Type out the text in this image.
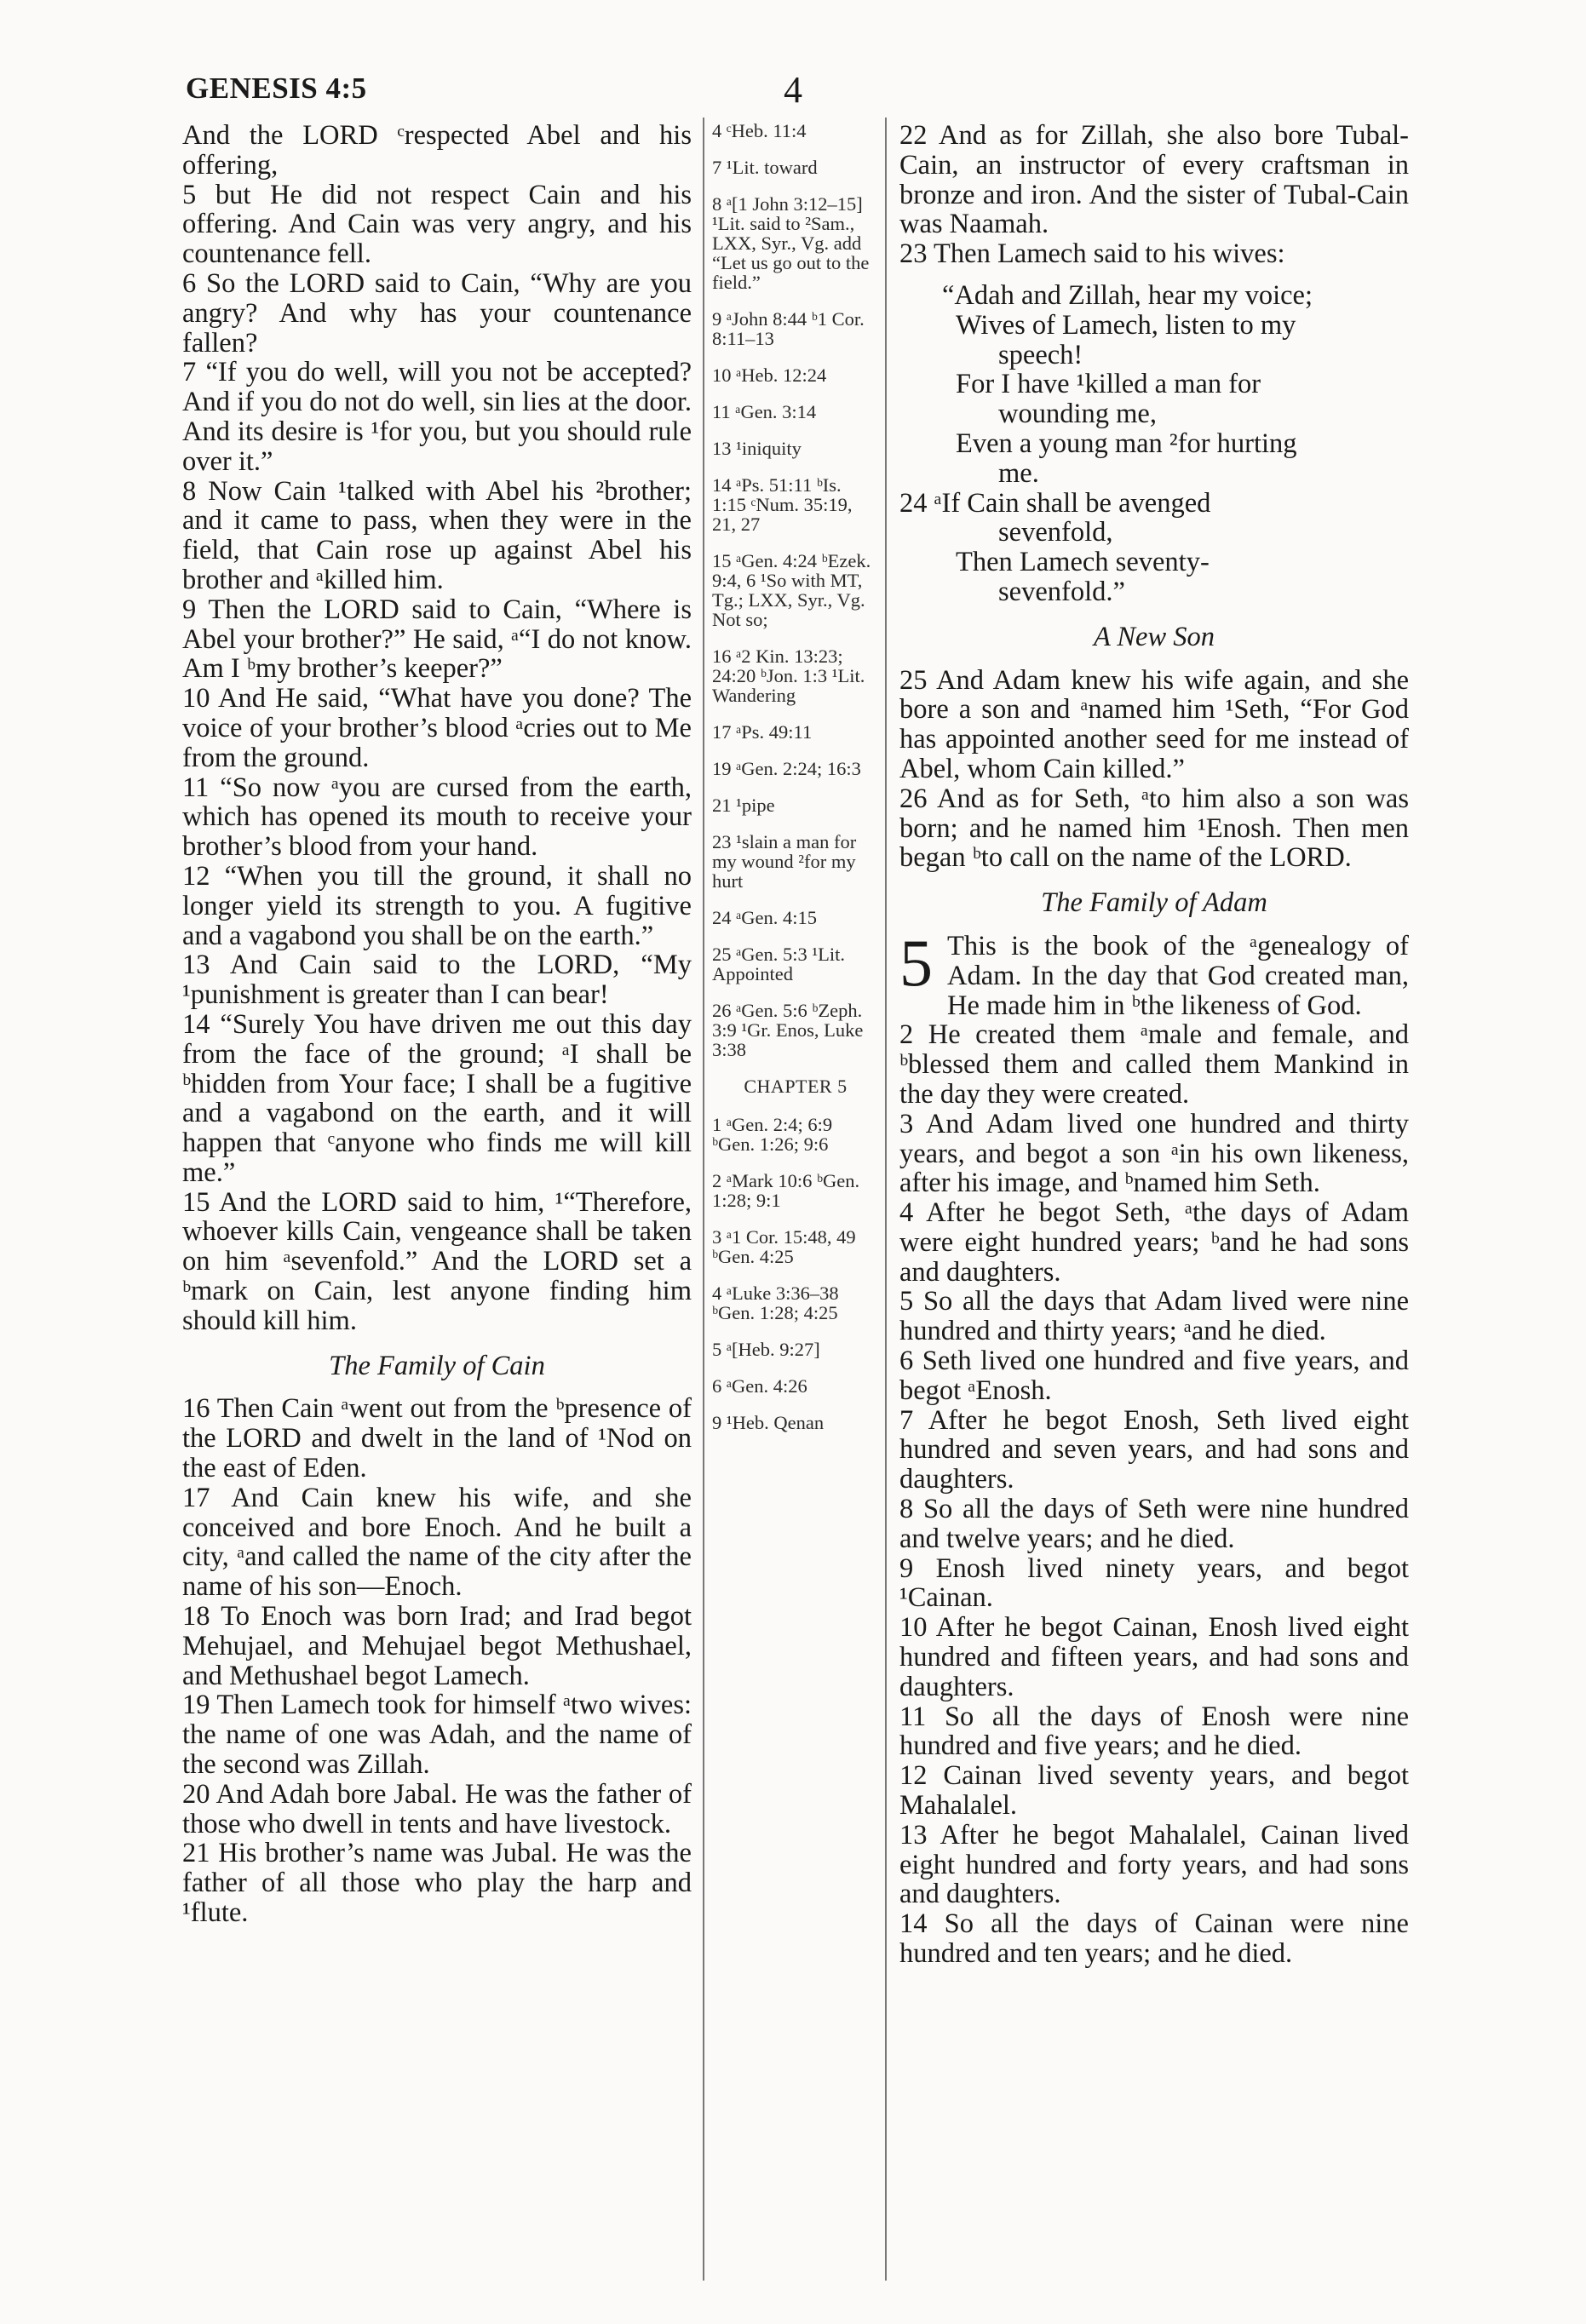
GENESIS 4:5	4

And the LORD ᶜrespected Abel and his offering,

5 but He did not respect Cain and his offering. And Cain was very angry, and his countenance fell.

6 So the LORD said to Cain, “Why are you angry? And why has your countenance fallen?

7 “If you do well, will you not be accepted? And if you do not do well, sin lies at the door. And its desire is ¹for you, but you should rule over it.”

8 Now Cain ¹talked with Abel his ²brother; and it came to pass, when they were in the field, that Cain rose up against Abel his brother and ᵃkilled him.

9 Then the LORD said to Cain, “Where is Abel your brother?” He said, ᵃ“I do not know. Am I ᵇmy brother’s keeper?”

10 And He said, “What have you done? The voice of your brother’s blood ᵃcries out to Me from the ground.

11 “So now ᵃyou are cursed from the earth, which has opened its mouth to receive your brother’s blood from your hand.

12 “When you till the ground, it shall no longer yield its strength to you. A fugitive and a vagabond you shall be on the earth.”

13 And Cain said to the LORD, “My ¹punishment is greater than I can bear!

14 “Surely You have driven me out this day from the face of the ground; ᵃI shall be ᵇhidden from Your face; I shall be a fugitive and a vagabond on the earth, and it will happen that ᶜanyone who finds me will kill me.”

15 And the LORD said to him, ¹“Therefore, whoever kills Cain, vengeance shall be taken on him ᵃsevenfold.” And the LORD set a ᵇmark on Cain, lest anyone finding him should kill him.

The Family of Cain

16 Then Cain ᵃwent out from the ᵇpresence of the LORD and dwelt in the land of ¹Nod on the east of Eden.

17 And Cain knew his wife, and she conceived and bore Enoch. And he built a city, ᵃand called the name of the city after the name of his son—Enoch.

18 To Enoch was born Irad; and Irad begot Mehujael, and Mehujael begot Methushael, and Methushael begot Lamech.

19 Then Lamech took for himself ᵃtwo wives: the name of one was Adah, and the name of the second was Zillah.

20 And Adah bore Jabal. He was the father of those who dwell in tents and have livestock.

21 His brother’s name was Jubal. He was the father of all those who play the harp and ¹flute.

4 ᶜHeb. 11:4

7 ¹Lit. toward

8 ᵃ[1 John 3:12–15] ¹Lit. said to ²Sam., LXX, Syr., Vg. add “Let us go out to the field.”

9 ᵃJohn 8:44 ᵇ1 Cor. 8:11–13

10 ᵃHeb. 12:24

11 ᵃGen. 3:14

13 ¹iniquity

14 ᵃPs. 51:11 ᵇIs. 1:15 ᶜNum. 35:19, 21, 27

15 ᵃGen. 4:24 ᵇEzek. 9:4, 6 ¹So with MT, Tg.; LXX, Syr., Vg. Not so;

16 ᵃ2 Kin. 13:23; 24:20 ᵇJon. 1:3 ¹Lit. Wandering

17 ᵃPs. 49:11

19 ᵃGen. 2:24; 16:3

21 ¹pipe

23 ¹slain a man for my wound ²for my hurt

24 ᵃGen. 4:15

25 ᵃGen. 5:3 ¹Lit. Appointed

26 ᵃGen. 5:6 ᵇZeph. 3:9 ¹Gr. Enos, Luke 3:38

CHAPTER 5

1 ᵃGen. 2:4; 6:9 ᵇGen. 1:26; 9:6

2 ᵃMark 10:6 ᵇGen. 1:28; 9:1

3 ᵃ1 Cor. 15:48, 49 ᵇGen. 4:25

4 ᵃLuke 3:36–38 ᵇGen. 1:28; 4:25

5 ᵃ[Heb. 9:27]

6 ᵃGen. 4:26

9 ¹Heb. Qenan

22 And as for Zillah, she also bore Tubal-Cain, an instructor of every craftsman in bronze and iron. And the sister of Tubal-Cain was Naamah.

23 Then Lamech said to his wives:

“Adah and Zillah, hear my voice;

Wives of Lamech, listen to my

speech!

For I have ¹killed a man for

wounding me,

Even a young man ²for hurting

me.

24 ᵃIf Cain shall be avenged

sevenfold,

Then Lamech seventy-

sevenfold.”

A New Son

25 And Adam knew his wife again, and she bore a son and ᵃnamed him ¹Seth, “For God has appointed another seed for me instead of Abel, whom Cain killed.”

26 And as for Seth, ᵃto him also a son was born; and he named him ¹Enosh. Then men began ᵇto call on the name of the LORD.

The Family of Adam

5 This is the book of the ᵃgenealogy of Adam. In the day that God created man, He made him in ᵇthe likeness of God.

2 He created them ᵃmale and female, and ᵇblessed them and called them Mankind in the day they were created.

3 And Adam lived one hundred and thirty years, and begot a son ᵃin his own likeness, after his image, and ᵇnamed him Seth.

4 After he begot Seth, ᵃthe days of Adam were eight hundred years; ᵇand he had sons and daughters.

5 So all the days that Adam lived were nine hundred and thirty years; ᵃand he died.

6 Seth lived one hundred and five years, and begot ᵃEnosh.

7 After he begot Enosh, Seth lived eight hundred and seven years, and had sons and daughters.

8 So all the days of Seth were nine hundred and twelve years; and he died.

9 Enosh lived ninety years, and begot ¹Cainan.

10 After he begot Cainan, Enosh lived eight hundred and fifteen years, and had sons and daughters.

11 So all the days of Enosh were nine hundred and five years; and he died.

12 Cainan lived seventy years, and begot Mahalalel.

13 After he begot Mahalalel, Cainan lived eight hundred and forty years, and had sons and daughters.

14 So all the days of Cainan were nine hundred and ten years; and he died.
